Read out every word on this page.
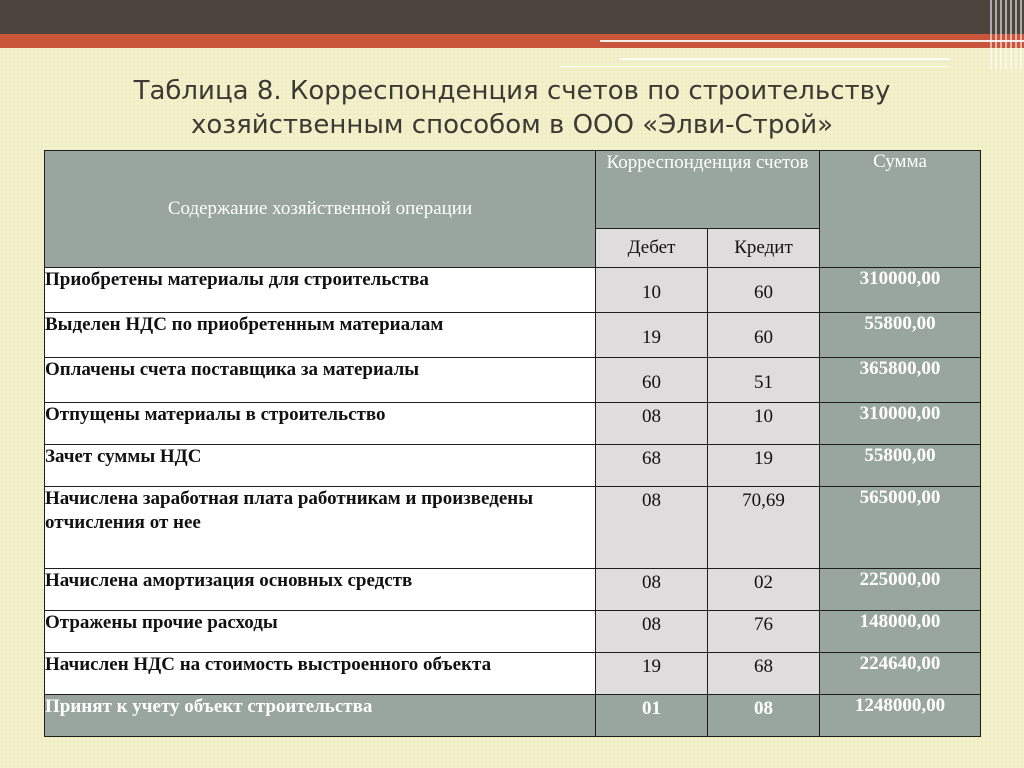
Таблица 8. Корреспонденция счетов по строительству
хозяйственным способом в ООО «Элви-Строй»
Содержание хозяйственной операции	Корреспонденция счетов		Сумма
	Дебет	Кредит	
Приобретены материалы для строительства	10	60	310000,00
Выделен НДС по приобретенным материалам	19	60	55800,00
Оплачены счета поставщика за материалы	60	51	365800,00
Отпущены материалы в строительство	08	10	310000,00
Зачет суммы НДС	68	19	55800,00
Начислена заработная плата работникам и произведены отчисления от нее	08	70,69	565000,00
Начислена амортизация основных средств	08	02	225000,00
Отражены прочие расходы	08	76	148000,00
Начислен НДС на стоимость выстроенного объекта	19	68	224640,00
Принят к учету объект строительства	01	08	1248000,00
